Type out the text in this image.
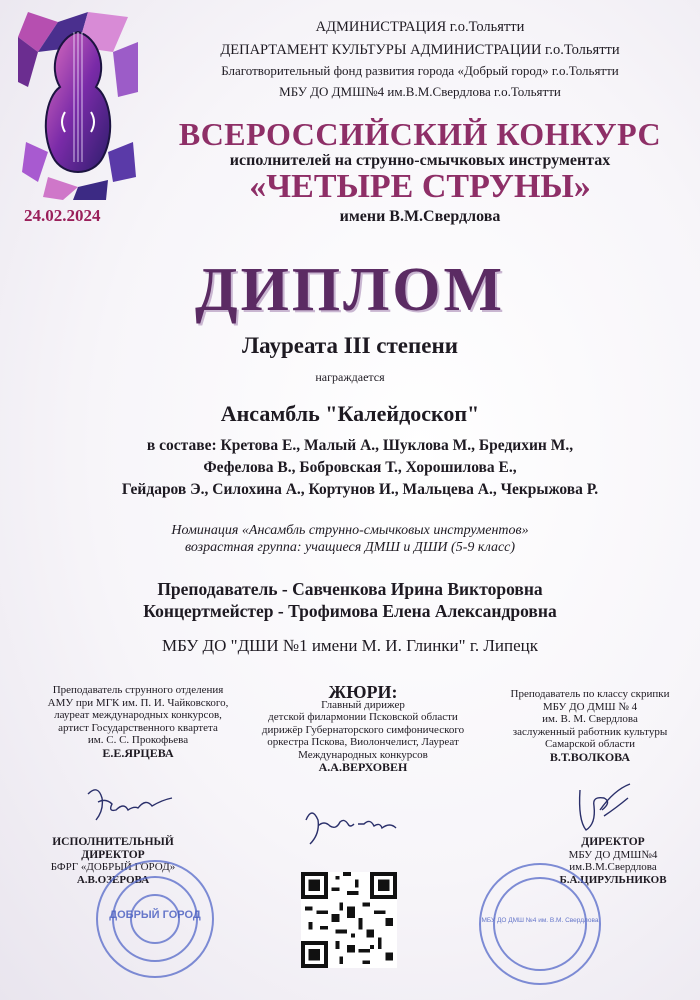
24.02.2024
АДМИНИСТРАЦИЯ г.о.Тольятти
ДЕПАРТАМЕНТ КУЛЬТУРЫ АДМИНИСТРАЦИИ г.о.Тольятти
Благотворительный фонд развития города «Добрый город» г.о.Тольятти
МБУ ДО ДМШ№4 им.В.М.Свердлова г.о.Тольятти
ВСЕРОССИЙСКИЙ КОНКУРС
исполнителей на струнно-смычковых инструментах
«ЧЕТЫРЕ СТРУНЫ»
имени В.М.Свердлова
ДИПЛОМ
Лауреата III степени
награждается
Ансамбль "Калейдоскоп"
в составе: Кретова Е., Малый А., Шуклова М., Бредихин М.,
Фефелова В., Бобровская Т., Хорошилова Е.,
Гейдаров Э., Силохина А., Кортунов И., Мальцева А., Чекрыжова Р.
Номинация «Ансамбль струнно-смычковых инструментов»
возрастная группа: учащиеся ДМШ и ДШИ (5-9 класс)
Преподаватель - Савченкова Ирина Викторовна
Концертмейстер - Трофимова Елена Александровна
МБУ ДО "ДШИ №1 имени М. И. Глинки" г. Липецк
Преподаватель струнного отделения
АМУ при МГК им. П. И. Чайковского,
лауреат международных конкурсов,
артист Государственного квартета
им. С. С. Прокофьева
Е.Е.ЯРЦЕВА
ЖЮРИ:
Главный дирижер
детской филармонии Псковской области
дирижёр Губернаторского симфонического
оркестра Пскова, Виолончелист, Лауреат
Международных конкурсов
А.А.ВЕРХОВЕН
Преподаватель по классу скрипки
МБУ ДО ДМШ № 4
им. В. М. Свердлова
заслуженный работник культуры
Самарской области
В.Т.ВОЛКОВА
ИСПОЛНИТЕЛЬНЫЙ
ДИРЕКТОР
БФРГ «ДОБРЫЙ ГОРОД»
А.В.ОЗЕРОВА
ДИРЕКТОР
МБУ ДО ДМШ№4
им.В.М.Свердлова
Б.А.ЦИРУЛЬНИКОВ
ДОБРЫЙ ГОРОД	МБУ ДО ДМШ №4 им. В.М. Свердлова
